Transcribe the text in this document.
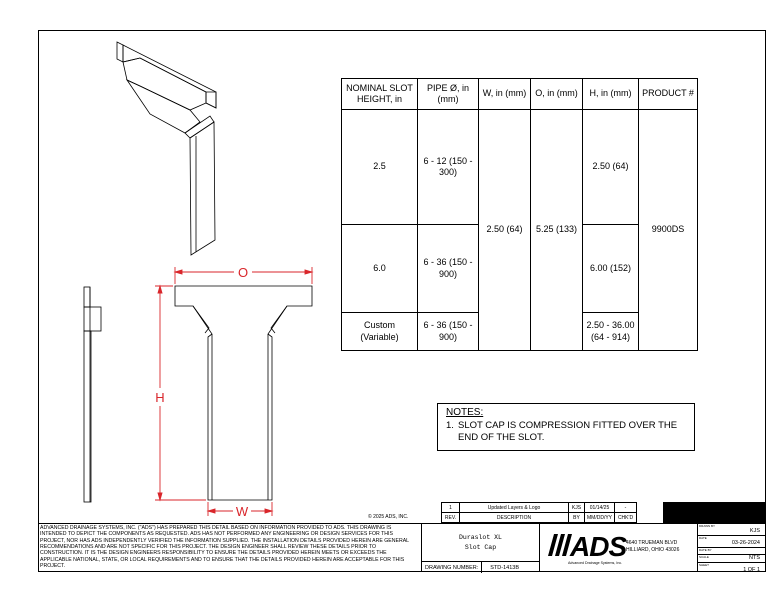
O
H
W
NOMINAL SLOT HEIGHT, in	PIPE Ø, in (mm)	W, in (mm)	O, in (mm)	H, in (mm)	PRODUCT #
2.5	6 - 12 (150 - 300)	2.50 (64)	5.25 (133)	2.50 (64)	9900DS
6.0	6 - 36 (150 - 900)			6.00 (152)	
Custom (Variable)	6 - 36 (150 - 900)			2.50 - 36.00 (64 - 914)	
NOTES:
1. SLOT CAP IS COMPRESSION FITTED OVER THE END OF THE SLOT.
© 2025 ADS, INC.
1	Updated Layers & Logo	KJS	01/14/25	-
REV.	DESCRIPTION	BY	MM/DD/YY	CHK'D
ADVANCED DRAINAGE SYSTEMS, INC. ("ADS") HAS PREPARED THIS DETAIL BASED ON INFORMATION PROVIDED TO ADS. THIS DRAWING IS INTENDED TO DEPICT THE COMPONENTS AS REQUESTED. ADS HAS NOT PERFORMED ANY ENGINEERING OR DESIGN SERVICES FOR THIS PROJECT, NOR HAS ADS INDEPENDENTLY VERIFIED THE INFORMATION SUPPLIED. THE INSTALLATION DETAILS PROVIDED HEREIN ARE GENERAL RECOMMENDATIONS AND ARE NOT SPECIFIC FOR THIS PROJECT. THE DESIGN ENGINEER SHALL REVIEW THESE DETAILS PRIOR TO CONSTRUCTION. IT IS THE DESIGN ENGINEERS RESPONSIBILITY TO ENSURE THE DETAILS PROVIDED HEREIN MEETS OR EXCEEDS THE APPLICABLE NATIONAL, STATE, OR LOCAL REQUIREMENTS AND TO ENSURE THAT THE DETAILS PROVIDED HEREIN ARE ACCEPTABLE FOR THIS PROJECT.
Duraslot XL
Slot Cap
DRAWING NUMBER:	STD-1413B
ADS
Advanced Drainage Systems, Inc.
4640 TRUEMAN BLVD
HILLIARD, OHIO 43026
DRAWN BY
KJS
DATE
03-26-2024
DATE BY
SCALE	NTS
SHEET
1 OF 1
